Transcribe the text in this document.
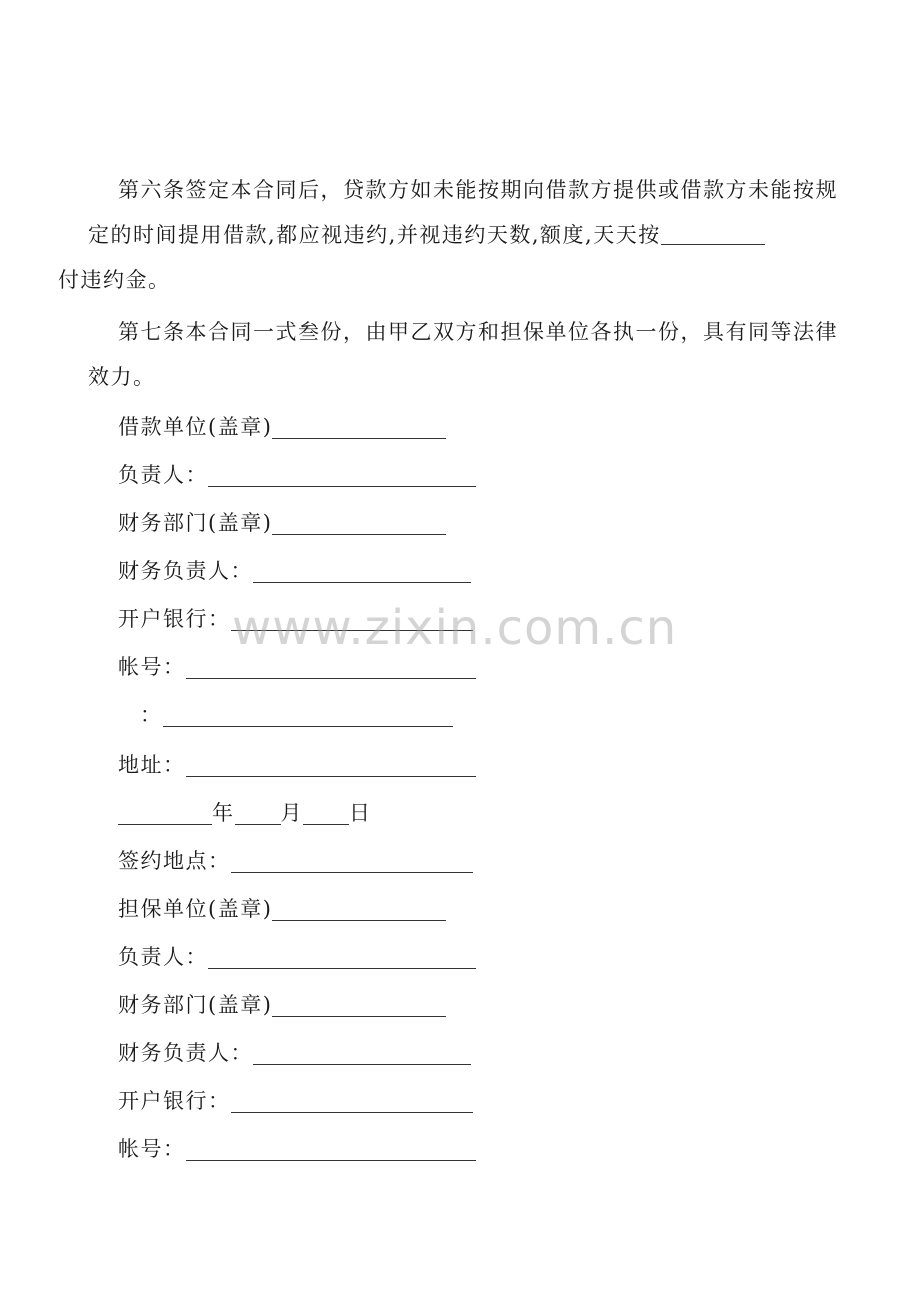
第六条签定本合同后，贷款方如未能按期向借款方提供或借款方未能按规定的时间提用借款,都应视违约,并视违约天数,额度,天天按
付违约金。

第七条本合同一式叁份，由甲乙双方和担保单位各执一份，具有同等法律效力。

借款单位(盖章)
负责人：
财务部门(盖章)
财务负责人：
开户银行：
帐号：
：
地址：
年 月 日
签约地点：
担保单位(盖章)
负责人：
财务部门(盖章)
财务负责人：
开户银行：
帐号：
www.zixin.com.cn
